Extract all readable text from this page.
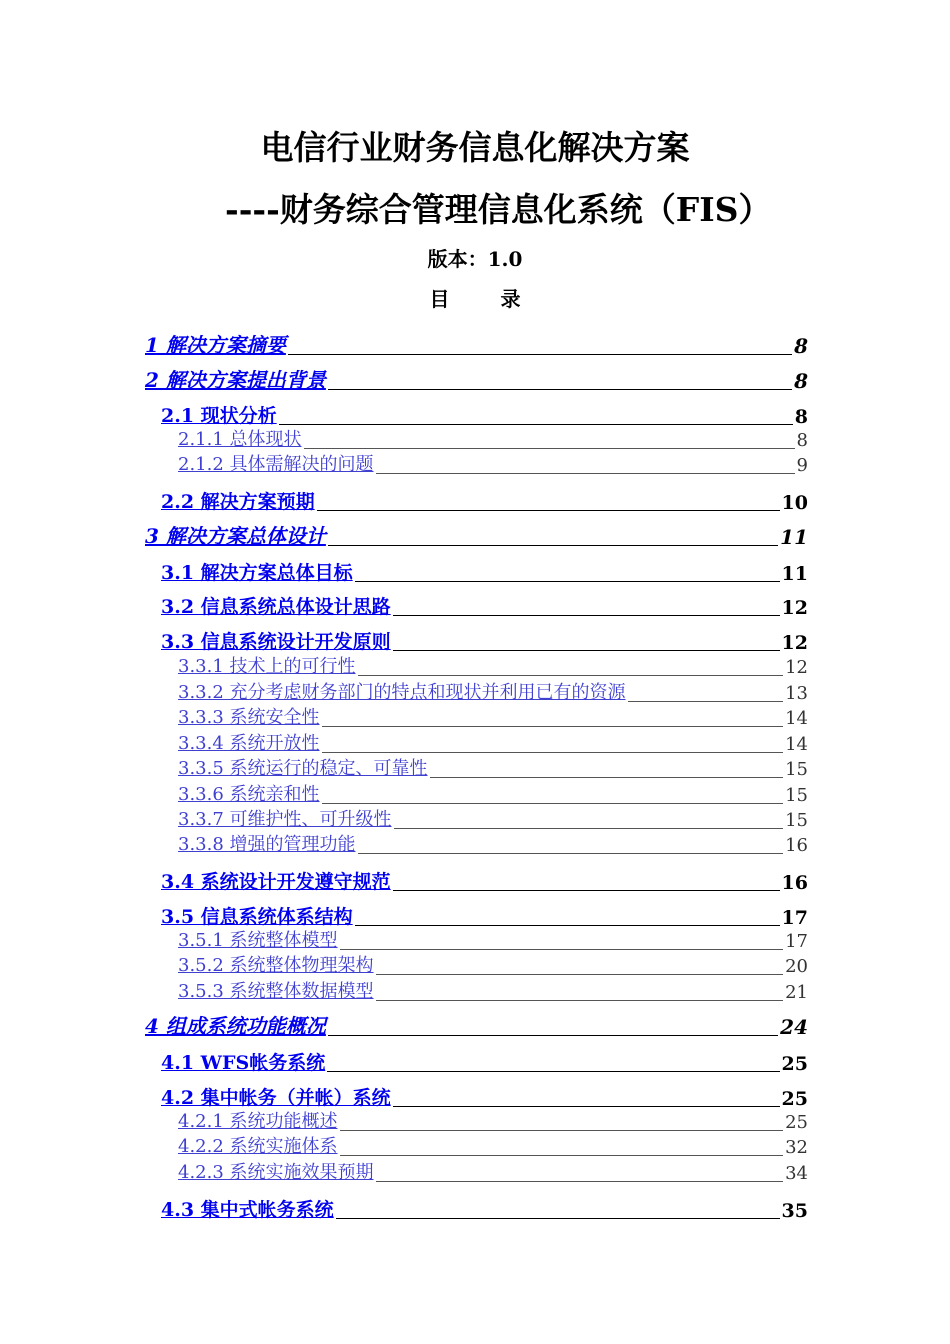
电信行业财务信息化解决方案
----财务综合管理信息化系统（FIS）
版本：1.0
目 录
1 解决方案摘要	8
2 解决方案提出背景	8
2.1 现状分析	8
2.1.1 总体现状	8
2.1.2 具体需解决的问题	9
2.2 解决方案预期	10
3 解决方案总体设计	11
3.1 解决方案总体目标	11
3.2 信息系统总体设计思路	12
3.3 信息系统设计开发原则	12
3.3.1 技术上的可行性	12
3.3.2 充分考虑财务部门的特点和现状并利用已有的资源	13
3.3.3 系统安全性	14
3.3.4 系统开放性	14
3.3.5 系统运行的稳定、可靠性	15
3.3.6 系统亲和性	15
3.3.7 可维护性、可升级性	15
3.3.8 增强的管理功能	16
3.4 系统设计开发遵守规范	16
3.5 信息系统体系结构	17
3.5.1 系统整体模型	17
3.5.2 系统整体物理架构	20
3.5.3 系统整体数据模型	21
4 组成系统功能概况	24
4.1 WFS帐务系统	25
4.2 集中帐务（并帐）系统	25
4.2.1 系统功能概述	25
4.2.2 系统实施体系	32
4.2.3 系统实施效果预期	34
4.3 集中式帐务系统	35
